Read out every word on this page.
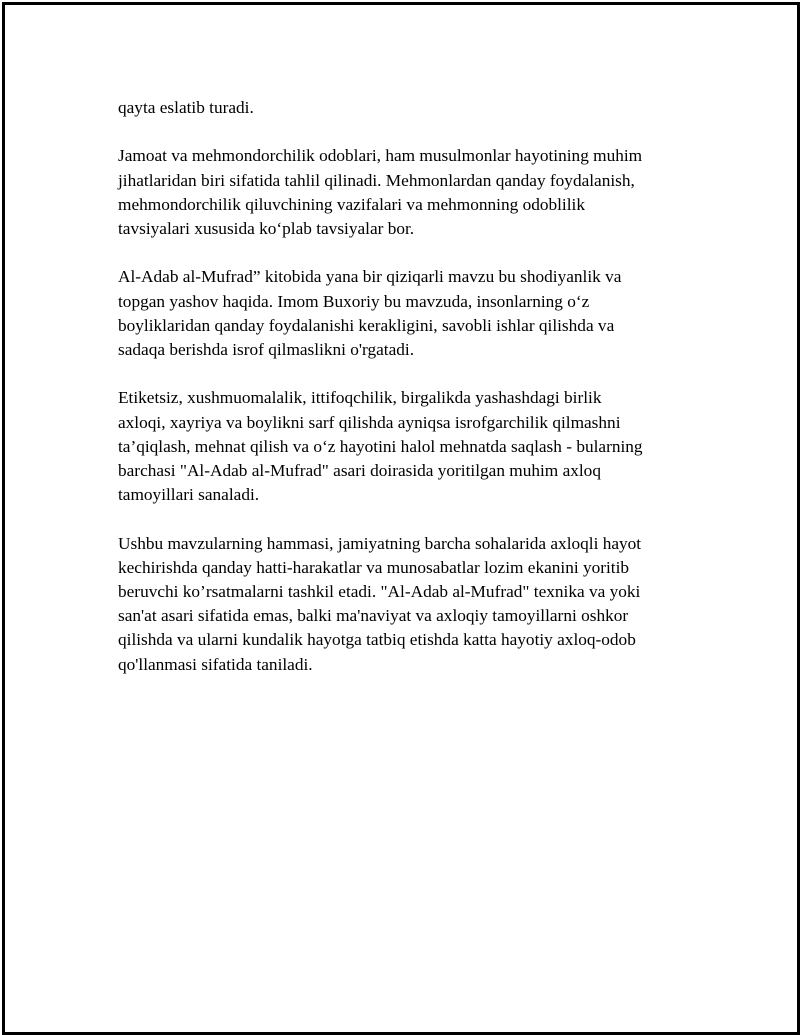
qayta eslatib turadi.

Jamoat va mehmondorchilik odoblari, ham musulmonlar hayotining muhim
jihatlaridan biri sifatida tahlil qilinadi. Mehmonlardan qanday foydalanish,
mehmondorchilik qiluvchining vazifalari va mehmonning odoblilik
tavsiyalari xususida ko‘plab tavsiyalar bor.

Al-Adab al-Mufrad” kitobida yana bir qiziqarli mavzu bu shodiyanlik va
topgan yashov haqida. Imom Buxoriy bu mavzuda, insonlarning o‘z
boyliklaridan qanday foydalanishi kerakligini, savobli ishlar qilishda va
sadaqa berishda isrof qilmaslikni o'rgatadi.

Etiketsiz, xushmuomalalik, ittifoqchilik, birgalikda yashashdagi birlik
axloqi, xayriya va boylikni sarf qilishda ayniqsa isrofgarchilik qilmashni
ta’qiqlash, mehnat qilish va o‘z hayotini halol mehnatda saqlash - bularning
barchasi "Al-Adab al-Mufrad" asari doirasida yoritilgan muhim axloq
tamoyillari sanaladi.

Ushbu mavzularning hammasi, jamiyatning barcha sohalarida axloqli hayot
kechirishda qanday hatti-harakatlar va munosabatlar lozim ekanini yoritib
beruvchi ko’rsatmalarni tashkil etadi. "Al-Adab al-Mufrad" texnika va yoki
san'at asari sifatida emas, balki ma'naviyat va axloqiy tamoyillarni oshkor
qilishda va ularni kundalik hayotga tatbiq etishda katta hayotiy axloq-odob
qo'llanmasi sifatida taniladi.
